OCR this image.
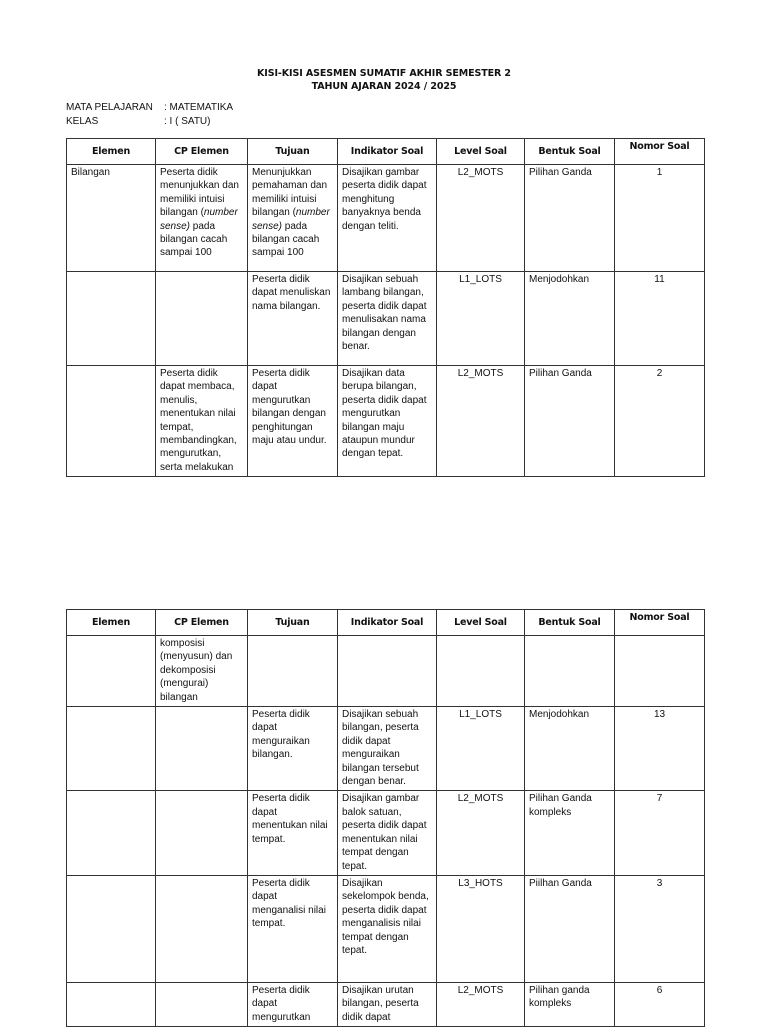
KISI-KISI ASESMEN SUMATIF AKHIR SEMESTER 2
TAHUN AJARAN 2024 / 2025
MATA PELAJARAN : MATEMATIKA
KELAS	: I ( SATU)
Elemen	CP Elemen	Tujuan	Indikator Soal	Level Soal	Bentuk Soal	Nomor Soal
Bilangan	Peserta didik menunjukkan dan memiliki intuisi bilangan (number sense) pada bilangan cacah sampai 100	Menunjukkan pemahaman dan memiliki intuisi bilangan (number sense) pada bilangan cacah sampai 100	Disajikan gambar peserta didik dapat menghitung banyaknya benda dengan teliti.	L2_MOTS	Pilihan Ganda	1
		Peserta didik dapat menuliskan nama bilangan.	Disajikan sebuah lambang bilangan, peserta didik dapat menulisakan nama bilangan dengan benar.	L1_LOTS	Menjodohkan	11
	Peserta didik dapat membaca, menulis, menentukan nilai tempat, membandingkan, mengurutkan, serta melakukan	Peserta didik dapat mengurutkan bilangan dengan penghitungan maju atau undur.	Disajikan data berupa bilangan, peserta didik dapat mengurutkan bilangan maju ataupun mundur dengan tepat.	L2_MOTS	Pilihan Ganda	2
Elemen	CP Elemen	Tujuan	Indikator Soal	Level Soal	Bentuk Soal	Nomor Soal
	komposisi (menyusun) dan dekomposisi (mengurai) bilangan					
		Peserta didik dapat menguraikan bilangan.	Disajikan sebuah bilangan, peserta didik dapat menguraikan bilangan tersebut dengan benar.	L1_LOTS	Menjodohkan	13
		Peserta didik dapat menentukan nilai tempat.	Disajikan gambar balok satuan, peserta didik dapat menentukan nilai tempat dengan tepat.	L2_MOTS	Pilihan Ganda kompleks	7
		Peserta didik dapat menganalisi nilai tempat.	Disajikan sekelompok benda, peserta didik dapat menganalisis nilai tempat dengan tepat.	L3_HOTS	Piilhan Ganda	3
		Peserta didik dapat mengurutkan	Disajikan urutan bilangan, peserta didik dapat	L2_MOTS	Pilihan ganda kompleks	6
